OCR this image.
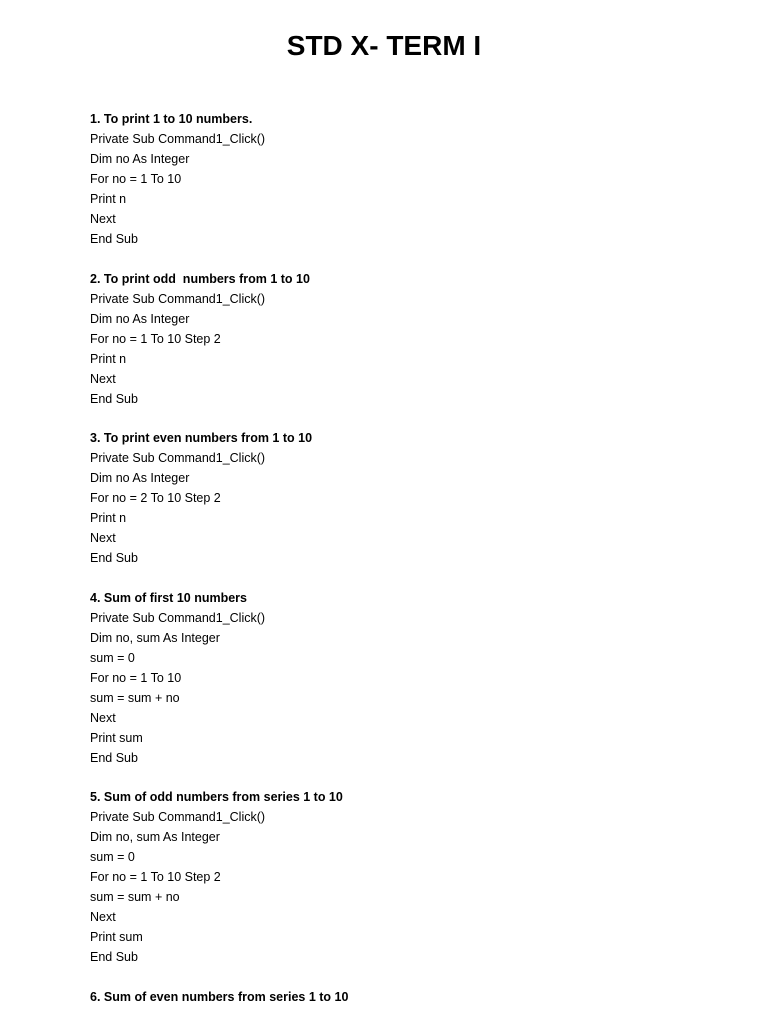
STD X- TERM I
1. To print 1 to 10 numbers.
Private Sub Command1_Click()
Dim no As Integer
For no = 1 To 10
Print n
Next
End Sub
2. To print odd  numbers from 1 to 10
Private Sub Command1_Click()
Dim no As Integer
For no = 1 To 10 Step 2
Print n
Next
End Sub
3. To print even numbers from 1 to 10
Private Sub Command1_Click()
Dim no As Integer
For no = 2 To 10 Step 2
Print n
Next
End Sub
4. Sum of first 10 numbers
Private Sub Command1_Click()
Dim no, sum As Integer
sum = 0
For no = 1 To 10
sum = sum + no
Next
Print sum
End Sub
5. Sum of odd numbers from series 1 to 10
Private Sub Command1_Click()
Dim no, sum As Integer
sum = 0
For no = 1 To 10 Step 2
sum = sum + no
Next
Print sum
End Sub
6. Sum of even numbers from series 1 to 10
